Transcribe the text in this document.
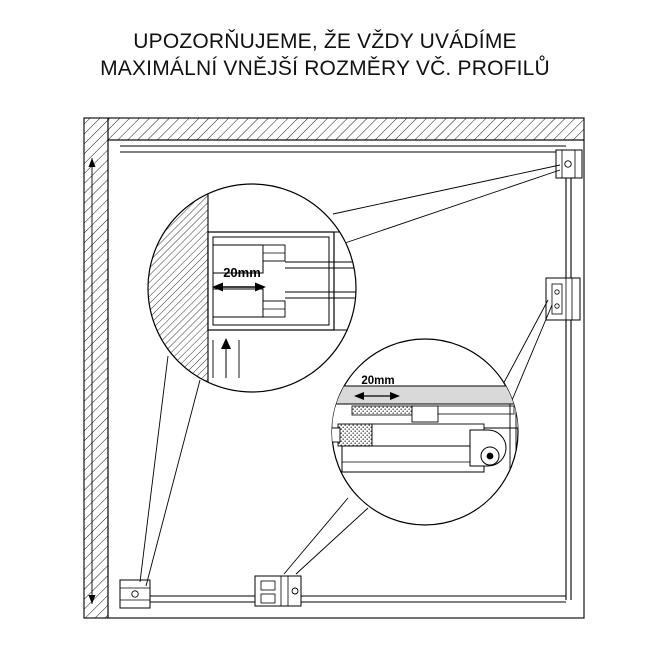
UPOZORŇUJEME, ŽE VŽDY UVÁDÍME
MAXIMÁLNÍ VNĚJŠÍ ROZMĚRY VČ. PROFILŮ
20mm
20mm
